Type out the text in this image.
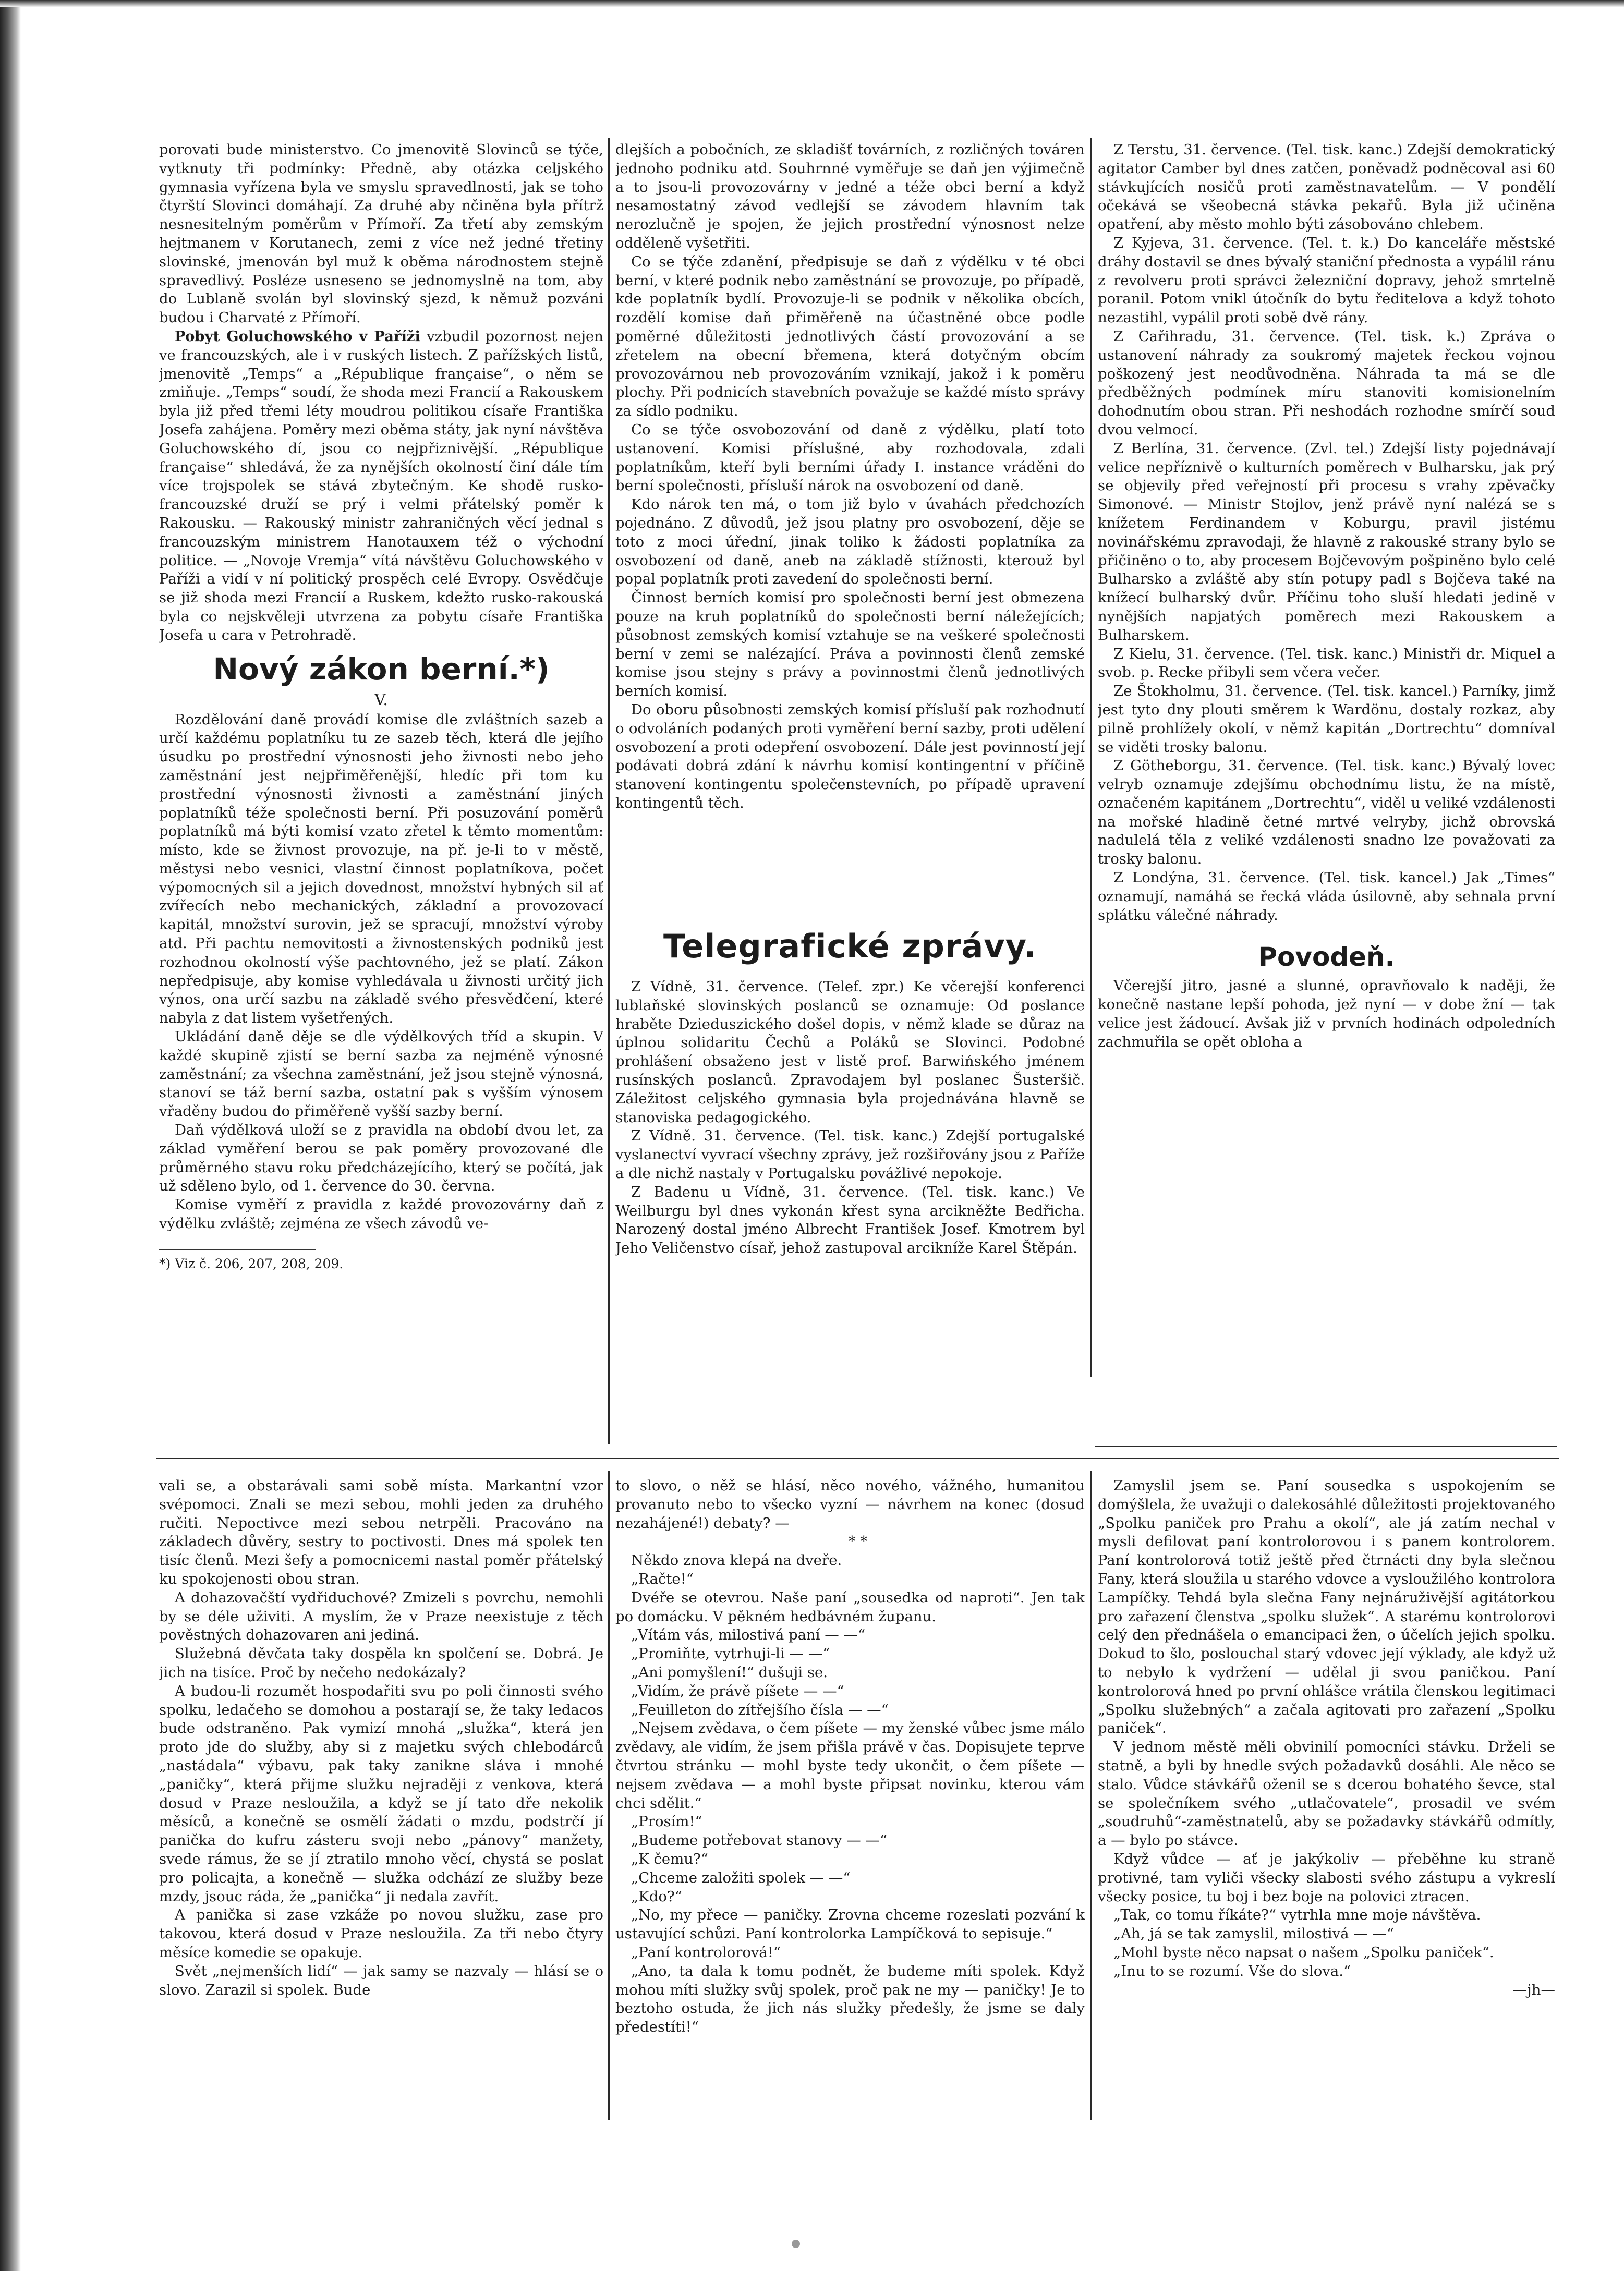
porovati bude ministerstvo. Co jmenovitě Slovinců se týče, vytknuty tři podmínky: Předně, aby otázka celjského gymnasia vyřízena byla ve smyslu spravedlnosti, jak se toho čtyrští Slovinci domáhají. Za druhé aby nčiněna byla přítrž nesnesitelným poměrům v Přímoří. Za třetí aby zemským hejtmanem v Korutanech, zemi z více než jedné třetiny slovinské, jmenován byl muž k oběma národnostem stejně spravedlivý. Posléze usneseno se jednomyslně na tom, aby do Lublaně svolán byl slovinský sjezd, k němuž pozváni budou i Charvaté z Přímoří.

Pobyt Goluchowského v Paříži vzbudil pozornost nejen ve francouzských, ale i v ruských listech. Z pařížských listů, jmenovitě „Temps“ a „République française“, o něm se zmiňuje. „Temps“ soudí, že shoda mezi Francií a Rakouskem byla již před třemi léty moudrou politikou císaře Františka Josefa zahájena. Poměry mezi oběma státy, jak nyní návštěva Goluchowského dí, jsou co nejpřiznivější. „République française“ shledává, že za nynějších okolností činí dále tím více trojspolek se stává zbytečným. Ke shodě rusko-francouzské druží se prý i velmi přátelský poměr k Rakousku. — Rakouský ministr zahraničných věcí jednal s francouzským ministrem Hanotauxem též o východní politice. — „Novoje Vremja“ vítá návštěvu Goluchowského v Paříži a vidí v ní politický prospěch celé Evropy. Osvědčuje se již shoda mezi Francií a Ruskem, kdežto rusko-rakouská byla co nejskvěleji utvrzena za pobytu císaře Františka Josefa u cara v Petrohradě.

Nový zákon berní.*)
V.

Rozdělování daně provádí komise dle zvláštních sazeb a určí každému poplatníku tu ze sazeb těch, která dle jejího úsudku po prostřední výnosnosti jeho živnosti nebo jeho zaměstnání jest nejpřiměřenější, hledíc při tom ku prostřední výnosnosti živnosti a zaměstnání jiných poplatníků téže společnosti berní. Při posuzování poměrů poplatníků má býti komisí vzato zřetel k těmto momentům: místo, kde se živnost provozuje, na př. je-li to v městě, městysi nebo vesnici, vlastní činnost poplatníkova, počet výpomocných sil a jejich dovednost, množství hybných sil ať zvířecích nebo mechanických, základní a provozovací kapitál, množství surovin, jež se spracují, množství výroby atd. Při pachtu nemovitosti a živnostenských podniků jest rozhodnou okolností výše pachtovného, jež se platí. Zákon nepředpisuje, aby komise vyhledávala u živnosti určitý jich výnos, ona určí sazbu na základě svého přesvědčení, které nabyla z dat listem vyšetřených.

Ukládání daně děje se dle výdělkových tříd a skupin. V každé skupině zjistí se berní sazba za nejméně výnosné zaměstnání; za všechna zaměstnání, jež jsou stejně výnosná, stanoví se táž berní sazba, ostatní pak s vyšším výnosem vřaděny budou do přiměřeně vyšší sazby berní.

Daň výdělková uloží se z pravidla na období dvou let, za základ vyměření berou se pak poměry provozované dle průměrného stavu roku předcházejícího, který se počítá, jak už sděleno bylo, od 1. července do 30. června.

Komise vyměří z pravidla z každé provozovárny daň z výdělku zvláště; zejména ze všech závodů ve-

*) Viz č. 206, 207, 208, 209.

dlejších a pobočních, ze skladišť továrních, z rozličných továren jednoho podniku atd. Souhrnné vyměřuje se daň jen výjimečně a to jsou-li provozovárny v jedné a téže obci berní a když nesamostatný závod vedlejší se závodem hlavním tak nerozlučně je spojen, že jejich prostřední výnosnost nelze odděleně vyšetřiti.

Co se týče zdanění, předpisuje se daň z výdělku v té obci berní, v které podnik nebo zaměstnání se provozuje, po případě, kde poplatník bydlí. Provozuje-li se podnik v několika obcích, rozdělí komise daň přiměřeně na účastněné obce podle poměrné důležitosti jednotlivých částí provozování a se zřetelem na obecní břemena, která dotyčným obcím provozovárnou neb provozováním vznikají, jakož i k poměru plochy. Při podnicích stavebních považuje se každé místo správy za sídlo podniku.

Co se týče osvobozování od daně z výdělku, platí toto ustanovení. Komisi příslušné, aby rozhodovala, zdali poplatníkům, kteří byli berními úřady I. instance vráděni do berní společnosti, přísluší nárok na osvobození od daně.

Kdo nárok ten má, o tom již bylo v úvahách předchozích pojednáno. Z důvodů, jež jsou platny pro osvobození, děje se toto z moci úřední, jinak toliko k žádosti poplatníka za osvobození od daně, aneb na základě stížnosti, kterouž byl popal poplatník proti zavedení do společnosti berní.

Činnost berních komisí pro společnosti berní jest obmezena pouze na kruh poplatníků do společnosti berní náležejících; působnost zemských komisí vztahuje se na veškeré společnosti berní v zemi se nalézající. Práva a povinnosti členů zemské komise jsou stejny s právy a povinnostmi členů jednotlivých berních komisí.

Do oboru působnosti zemských komisí přísluší pak rozhodnutí o odvoláních podaných proti vyměření berní sazby, proti udělení osvobození a proti odepření osvobození. Dále jest povinností její podávati dobrá zdání k návrhu komisí kontingentní v příčině stanovení kontingentu společenstevních, po případě upravení kontingentů těch.

Telegrafické zprávy.

Z Vídně, 31. července. (Telef. zpr.) Ke včerejší konferenci lublaňské slovinských poslanců se oznamuje: Od poslance hraběte Dzieduszického došel dopis, v němž klade se důraz na úplnou solidaritu Čechů a Poláků se Slovinci. Podobné prohlášení obsaženo jest v listě prof. Barwińského jménem rusínských poslanců. Zpravodajem byl poslanec Šusteršič. Záležitost celjského gymnasia byla projednávána hlavně se stanoviska pedagogického.

Z Vídně. 31. července. (Tel. tisk. kanc.) Zdejší portugalské vyslanectví vyvrací všechny zprávy, jež rozšiřovány jsou z Paříže a dle nichž nastaly v Portugalsku povážlivé nepokoje.

Z Badenu u Vídně, 31. července. (Tel. tisk. kanc.) Ve Weilburgu byl dnes vykonán křest syna arcikněžte Bedřicha. Narozený dostal jméno Albrecht František Josef. Kmotrem byl Jeho Veličenstvo císař, jehož zastupoval arcikníže Karel Štěpán.

Z Terstu, 31. července. (Tel. tisk. kanc.) Zdejší demokratický agitator Camber byl dnes zatčen, poněvadž podněcoval asi 60 stávkujících nosičů proti zaměstnavatelům. — V pondělí očekává se všeobecná stávka pekařů. Byla již učiněna opatření, aby město mohlo býti zásobováno chlebem.

Z Kyjeva, 31. července. (Tel. t. k.) Do kanceláře městské dráhy dostavil se dnes bývalý staniční přednosta a vypálil ránu z revolveru proti správci železniční dopravy, jehož smrtelně poranil. Potom vnikl útočník do bytu ředitelova a když tohoto nezastihl, vypálil proti sobě dvě rány.

Z Cařihradu, 31. července. (Tel. tisk. k.) Zpráva o ustanovení náhrady za soukromý majetek řeckou vojnou poškozený jest neodůvodněna. Náhrada ta má se dle předběžných podmínek míru stanoviti komisionelním dohodnutím obou stran. Při neshodách rozhodne smírčí soud dvou velmocí.

Z Berlína, 31. července. (Zvl. tel.) Zdejší listy pojednávají velice nepříznivě o kulturních poměrech v Bulharsku, jak prý se objevily před veřejností při procesu s vrahy zpěvačky Simonové. — Ministr Stojlov, jenž právě nyní nalézá se s knížetem Ferdinandem v Koburgu, pravil jistému novinářskému zpravodaji, že hlavně z rakouské strany bylo se přičiněno o to, aby procesem Bojčevovým pošpiněno bylo celé Bulharsko a zvláště aby stín potupy padl s Bojčeva také na knížecí bulharský dvůr. Příčinu toho sluší hledati jedině v nynějších napjatých poměrech mezi Rakouskem a Bulharskem.

Z Kielu, 31. července. (Tel. tisk. kanc.) Ministři dr. Miquel a svob. p. Recke přibyli sem včera večer.

Ze Štokholmu, 31. července. (Tel. tisk. kancel.) Parníky, jimž jest tyto dny plouti směrem k Wardönu, dostaly rozkaz, aby pilně prohlížely okolí, v němž kapitán „Dortrechtu“ domníval se viděti trosky balonu.

Z Götheborgu, 31. července. (Tel. tisk. kanc.) Bývalý lovec velryb oznamuje zdejšímu obchodnímu listu, že na místě, označeném kapitánem „Dortrechtu“, viděl u veliké vzdálenosti na mořské hladině četné mrtvé velryby, jichž obrovská nadulelá těla z veliké vzdálenosti snadno lze považovati za trosky balonu.

Z Londýna, 31. července. (Tel. tisk. kancel.) Jak „Times“ oznamují, namáhá se řecká vláda úsilovně, aby sehnala první splátku válečné náhrady.

Povodeň.

Včerejší jitro, jasné a slunné, opravňovalo k naději, že konečně nastane lepší pohoda, jež nyní — v dobe žní — tak velice jest žádoucí. Avšak již v prvních hodinách odpoledních zachmuřila se opět obloha a

vali se, a obstarávali sami sobě místa. Markantní vzor svépomoci. Znali se mezi sebou, mohli jeden za druhého ručiti. Nepoctivce mezi sebou netrpěli. Pracováno na základech důvěry, sestry to poctivosti. Dnes má spolek ten tisíc členů. Mezi šefy a pomocnicemi nastal poměr přátelský ku spokojenosti obou stran.

A dohazovačští vydřiduchové? Zmizeli s povrchu, nemohli by se déle uživiti. A myslím, že v Praze neexistuje z těch pověstných dohazovaren ani jediná.

Služebná děvčata taky dospěla kn spolčení se. Dobrá. Je jich na tisíce. Proč by nečeho nedokázaly?

A budou-li rozumět hospodařiti svu po poli činnosti svého spolku, ledačeho se domohou a postarají se, že taky ledacos bude odstraněno. Pak vymizí mnohá „služka“, která jen proto jde do služby, aby si z majetku svých chlebodárců „nastádala“ výbavu, pak taky zanikne sláva i mnohé „paničky“, která přijme služku nejraději z venkova, která dosud v Praze nesloužila, a když se jí tato dře nekolik měsíců, a konečně se osmělí žádati o mzdu, podstrčí jí panička do kufru zásteru svoji nebo „pánovy“ manžety, svede rámus, že se jí ztratilo mnoho věcí, chystá se poslat pro policajta, a konečně — služka odchází ze služby beze mzdy, jsouc ráda, že „panička“ ji nedala zavřít.

A panička si zase vzkáže po novou služku, zase pro takovou, která dosud v Praze nesloužila. Za tři nebo čtyry měsíce komedie se opakuje.

Svět „nejmenších lidí“ — jak samy se nazvaly — hlásí se o slovo. Zarazil si spolek. Bude

to slovo, o něž se hlásí, něco nového, vážného, humanitou provanuto nebo to všecko vyzní — návrhem na konec (dosud nezahájené!) debaty? —

* *

Někdo znova klepá na dveře.

„Račte!“

Dvéře se otevrou. Naše paní „sousedka od naproti“. Jen tak po domácku. V pěkném hedbávném županu.

„Vítám vás, milostivá paní — —“

„Promiňte, vytrhuji-li — —“

„Ani pomyšlení!“ dušuji se.

„Vidím, že právě píšete — —“

„Feuilleton do zítřejšího čísla — —“

„Nejsem zvědava, o čem píšete — my ženské vůbec jsme málo zvědavy, ale vidím, že jsem přišla právě v čas. Dopisujete teprve čtvrtou stránku — mohl byste tedy ukončit, o čem píšete — nejsem zvědava — a mohl byste připsat novinku, kterou vám chci sdělit.“

„Prosím!“

„Budeme potřebovat stanovy — —“

„K čemu?“

„Chceme založiti spolek — —“

„Kdo?“

„No, my přece — paničky. Zrovna chceme rozeslati pozvání k ustavující schůzi. Paní kontrolorka Lampíčková to sepisuje.“

„Paní kontrolorová!“

„Ano, ta dala k tomu podnět, že budeme míti spolek. Když mohou míti služky svůj spolek, proč pak ne my — paničky! Je to beztoho ostuda, že jich nás služky předešly, že jsme se daly předestíti!“

Zamyslil jsem se. Paní sousedka s uspokojením se domýšlela, že uvažuji o dalekosáhlé důležitosti projektovaného „Spolku paniček pro Prahu a okolí“, ale já zatím nechal v mysli defilovat paní kontrolorovou i s panem kontrolorem. Paní kontrolorová totiž ještě před čtrnácti dny byla slečnou Fany, která sloužila u starého vdovce a vysloužilého kontrolora Lampíčky. Tehdá byla slečna Fany nejnáruživější agitátorkou pro zařazení členstva „spolku služek“. A starému kontrolorovi celý den přednášela o emancipaci žen, o účelích jejich spolku. Dokud to šlo, poslouchal starý vdovec její výklady, ale když už to nebylo k vydržení — udělal ji svou paničkou. Paní kontrolorová hned po první ohlášce vrátila členskou legitimaci „Spolku služebných“ a začala agitovati pro zařazení „Spolku paniček“.

V jednom městě měli obvinilí pomocníci stávku. Drželi se statně, a byli by hnedle svých požadavků dosáhli. Ale něco se stalo. Vůdce stávkářů oženil se s dcerou bohatého ševce, stal se společníkem svého „utlačovatele“, prosadil ve svém „soudruhů“-zaměstnatelů, aby se požadavky stávkářů odmítly, a — bylo po stávce.

Když vůdce — ať je jakýkoliv — přeběhne ku straně protivné, tam vyliči všecky slabosti svého zástupu a vykreslí všecky posice, tu boj i bez boje na polovici ztracen.

„Tak, co tomu říkáte?“ vytrhla mne moje návštěva.

„Ah, já se tak zamyslil, milostivá — —“

„Mohl byste něco napsat o našem „Spolku paniček“.

„Inu to se rozumí. Vše do slova.“

—jh—
